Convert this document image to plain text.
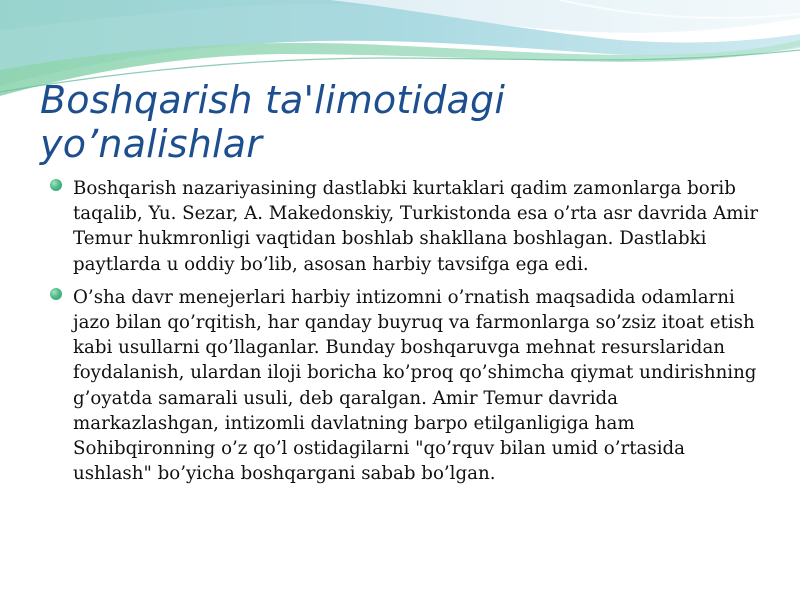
Boshqarish ta'limotidagi
yo’nalishlar

Boshqarish nazariyasining dastlabki kurtaklari qadim zamonlarga borib taqalib, Yu. Sezar, A. Makedonskiy, Turkistonda esa o’rta asr davrida Amir Temur hukmronligi vaqtidan boshlab shakllana boshlagan. Dastlabki paytlarda u oddiy bo’lib, asosan harbiy tavsifga ega edi.

O’sha davr menejerlari harbiy intizomni o’rnatish maqsadida odamlarni jazo bilan qo’rqitish, har qanday buyruq va farmonlarga so’zsiz itoat etish kabi usullarni qo’llaganlar. Bunday boshqaruvga mehnat resurslaridan foydalanish, ulardan iloji boricha ko’proq qo’shimcha qiymat undirishning g’oyatda samarali usuli, deb qaralgan. Amir Temur davrida markazlashgan, intizomli davlatning barpo etilganligiga ham Sohibqironning o’z qo’l ostidagilarni "qo’rquv bilan umid o’rtasida ushlash" bo’yicha boshqargani sabab bo’lgan.
